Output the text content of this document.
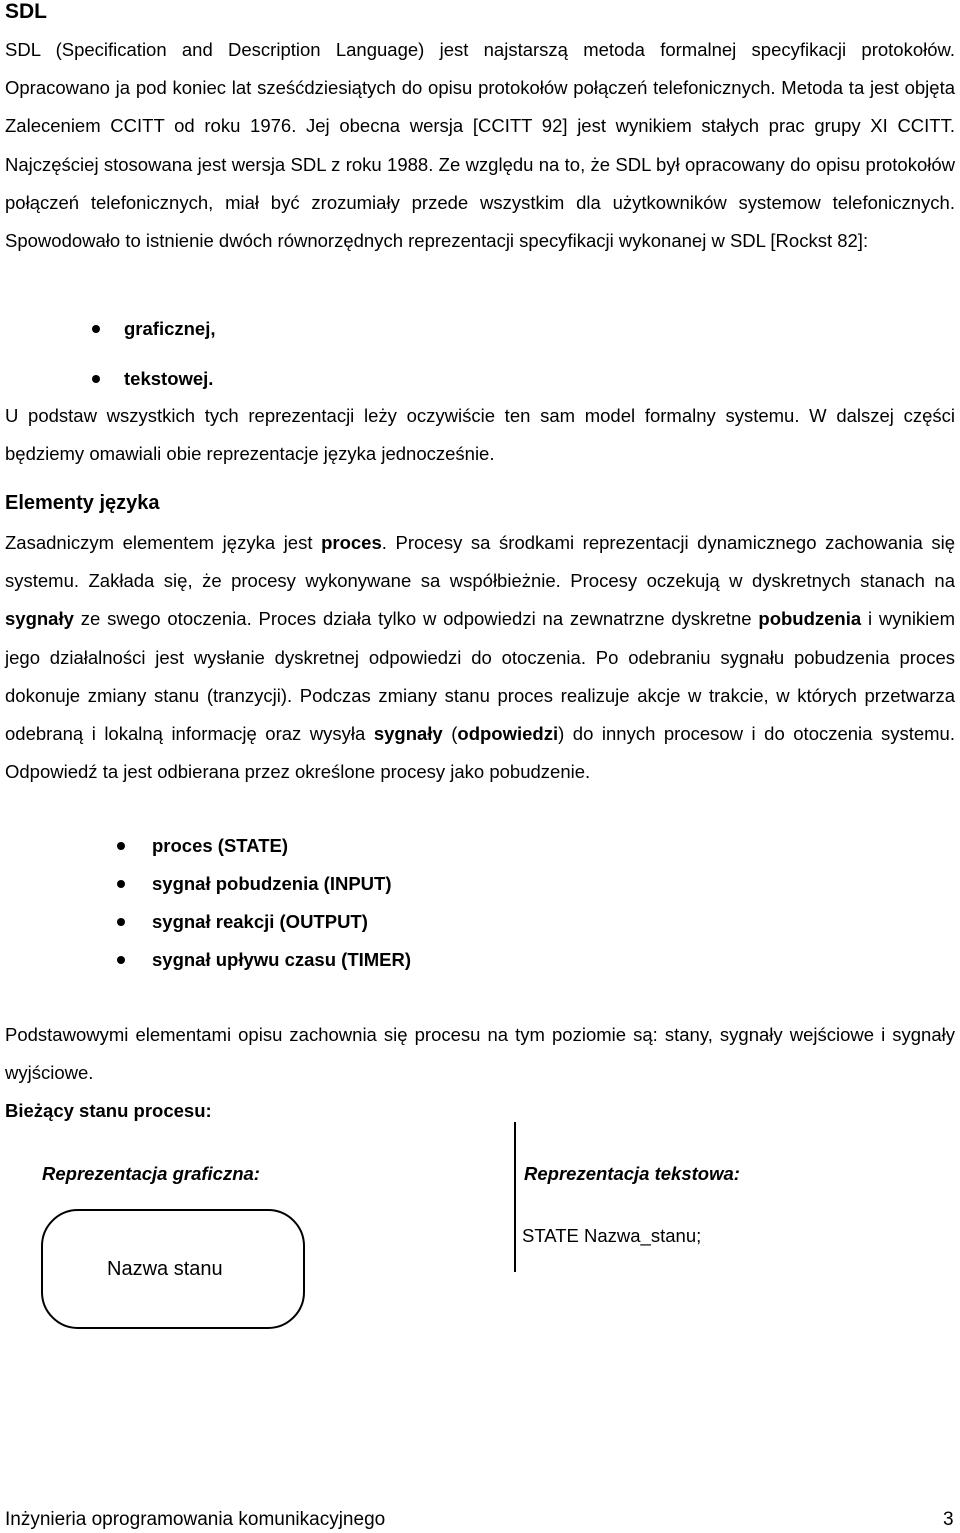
SDL
SDL (Specification and Description Language) jest najstarszą metoda formalnej specyfikacji protokołów. Opracowano ja pod koniec lat sześćdziesiątych do opisu protokołów połączeń telefonicznych. Metoda ta jest objęta Zaleceniem CCITT od roku 1976. Jej obecna wersja [CCITT 92] jest wynikiem stałych prac grupy XI CCITT. Najczęściej stosowana jest wersja SDL z roku 1988. Ze względu na to, że SDL był opracowany do opisu protokołów połączeń telefonicznych, miał być zrozumiały przede wszystkim dla użytkowników systemow telefonicznych. Spowodowało to istnienie dwóch równorzędnych reprezentacji specyfikacji wykonanej w SDL [Rockst 82]:
graficznej,
tekstowej.
U podstaw wszystkich tych reprezentacji leży oczywiście ten sam model formalny systemu. W dalszej części będziemy omawiali obie reprezentacje języka jednocześnie.
Elementy języka
Zasadniczym elementem języka jest proces. Procesy sa środkami reprezentacji dynamicznego zachowania się systemu. Zakłada się, że procesy wykonywane sa współbieżnie. Procesy oczekują w dyskretnych stanach na sygnały ze swego otoczenia. Proces działa tylko w odpowiedzi na zewnatrzne dyskretne pobudzenia i wynikiem jego działalności jest wysłanie dyskretnej odpowiedzi do otoczenia. Po odebraniu sygnału pobudzenia proces dokonuje zmiany stanu (tranzycji). Podczas zmiany stanu proces realizuje akcje w trakcie, w których przetwarza odebraną i lokalną informację oraz wysyła sygnały (odpowiedzi) do innych procesow i do otoczenia systemu. Odpowiedź ta jest odbierana przez określone procesy jako pobudzenie.
proces (STATE)
sygnał pobudzenia (INPUT)
sygnał reakcji (OUTPUT)
sygnał upływu czasu (TIMER)
Podstawowymi elementami opisu zachownia się procesu na tym poziomie są: stany, sygnały wejściowe i sygnały wyjściowe.
Bieżący stanu procesu:
Reprezentacja graficzna:	Reprezentacja tekstowa:
Nazwa stanu
STATE Nazwa_stanu;
Inżynieria oprogramowania komunikacyjnego	3
